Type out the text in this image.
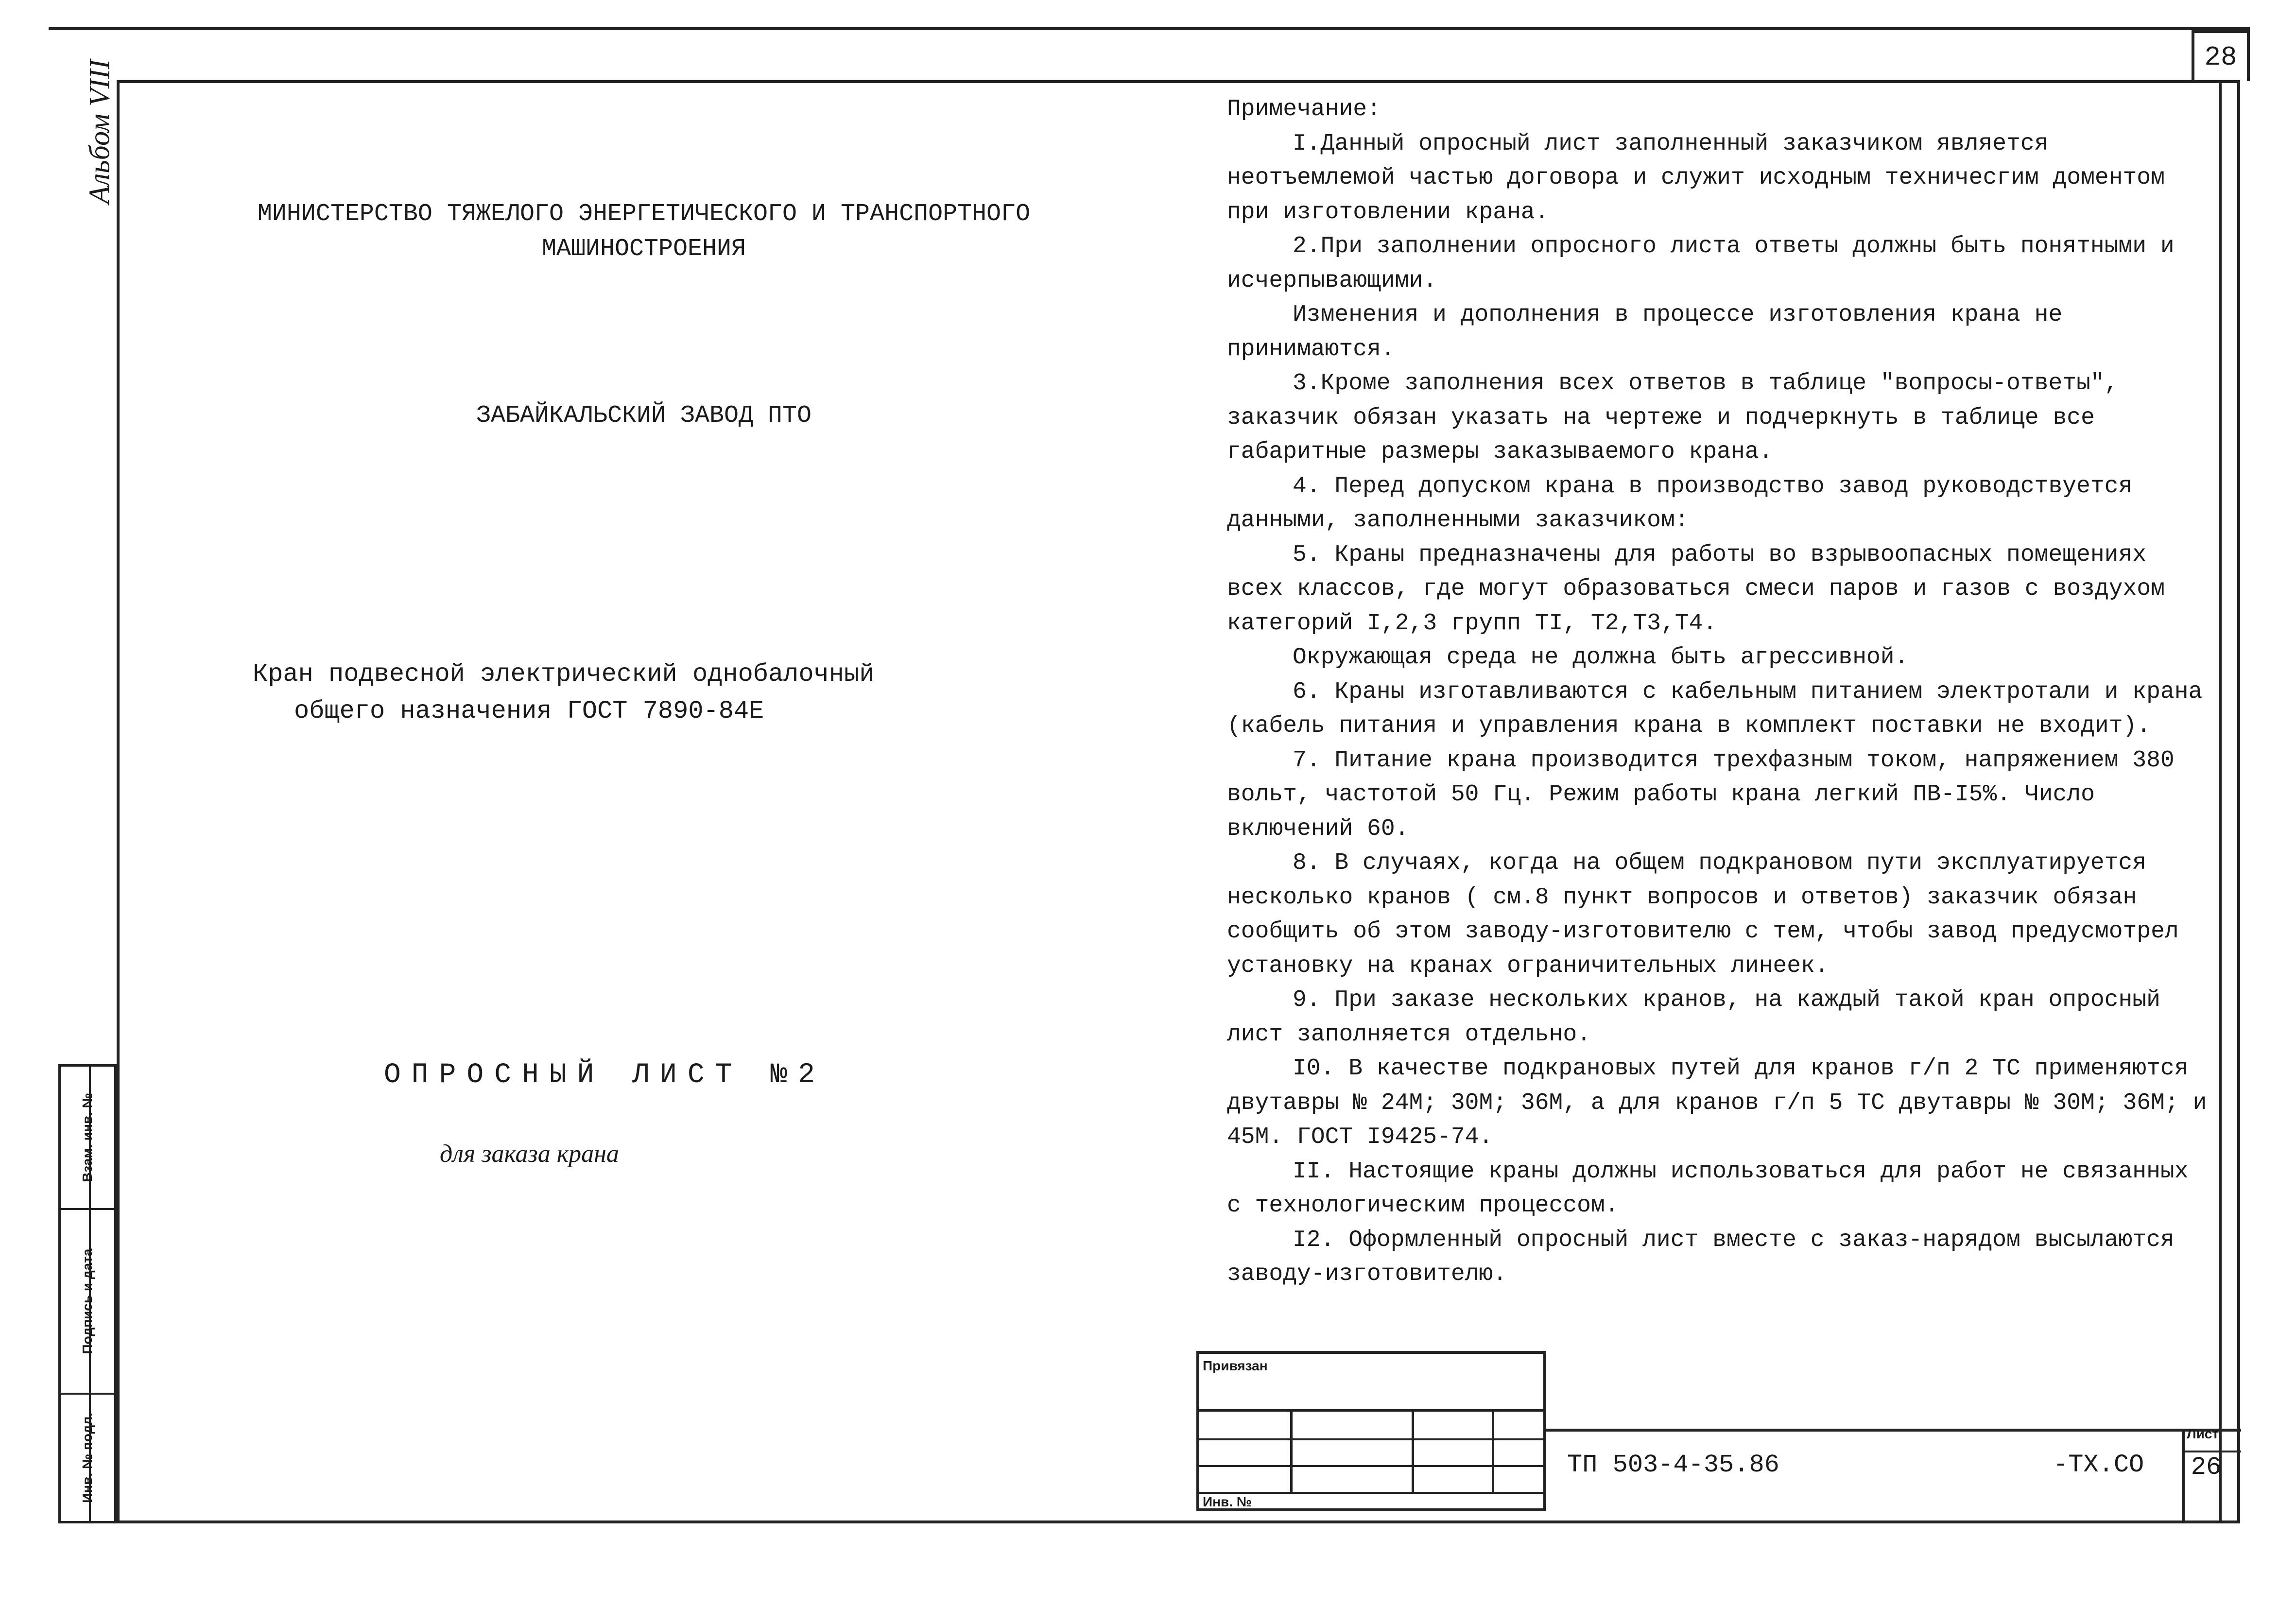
28
Альбом VIII
Взам. инв. №
Подпись и дата
Инв. № подл.
МИНИСТЕРСТВО ТЯЖЕЛОГО ЭНЕРГЕТИЧЕСКОГО И ТРАНСПОРТНОГО
МАШИНОСТРОЕНИЯ
ЗАБАЙКАЛЬСКИЙ ЗАВОД ПТО
Кран подвесной электрический однобалочный
общего назначения ГОСТ 7890-84Е
ОПРОСНЫЙ ЛИСТ №2
для заказа крана
Примечание:

I.Данный опросный лист заполненный заказчиком является неотъемлемой частью договора и служит исходным техничесгим доментом при изготовлении крана.

2.При заполнении опросного листа ответы должны быть понятными и исчерпывающими.

Изменения и дополнения в процессе изготовления крана не принимаются.

3.Кроме заполнения всех ответов в таблице "вопросы-ответы", заказчик обязан указать на чертеже и подчеркнуть в таблице все габаритные размеры заказываемого крана.

4. Перед допуском крана в производство завод руководствуется данными, заполненными заказчиком:

5. Краны предназначены для работы во взрывоопасных помещениях всех классов, где могут образоваться смеси паров и газов с воздухом категорий I,2,3 групп ТI, Т2,Т3,Т4.

Окружающая среда не должна быть агрессивной.

6. Краны изготавливаются с кабельным питанием электротали и крана (кабель питания и управления крана в комплект поставки не входит).

7. Питание крана производится трехфазным током, напряжением 380 вольт, частотой 50 Гц. Режим работы крана легкий ПВ-I5%. Число включений 60.

8. В случаях, когда на общем подкрановом пути эксплуатируется несколько кранов ( см.8 пункт вопросов и ответов) заказчик обязан сообщить об этом заводу-изготовителю с тем, чтобы завод предусмотрел установку на кранах ограничительных линеек.

9. При заказе нескольких кранов, на каждый такой кран опросный лист заполняется отдельно.

I0. В качестве подкрановых путей для кранов г/п 2 ТС применяются двутавры № 24М; 30М; 36М, а для кранов г/п 5 ТС двутавры № 30М; 36М; и 45М. ГОСТ I9425-74.

II. Настоящие краны должны использоваться для работ не связанных с технологическим процессом.

I2. Оформленный опросный лист вместе с заказ-нарядом высылаются заводу-изготовителю.

Привязан
Инв. №
ТП 503-4-35.86	-ТХ.СО
Лист
26
